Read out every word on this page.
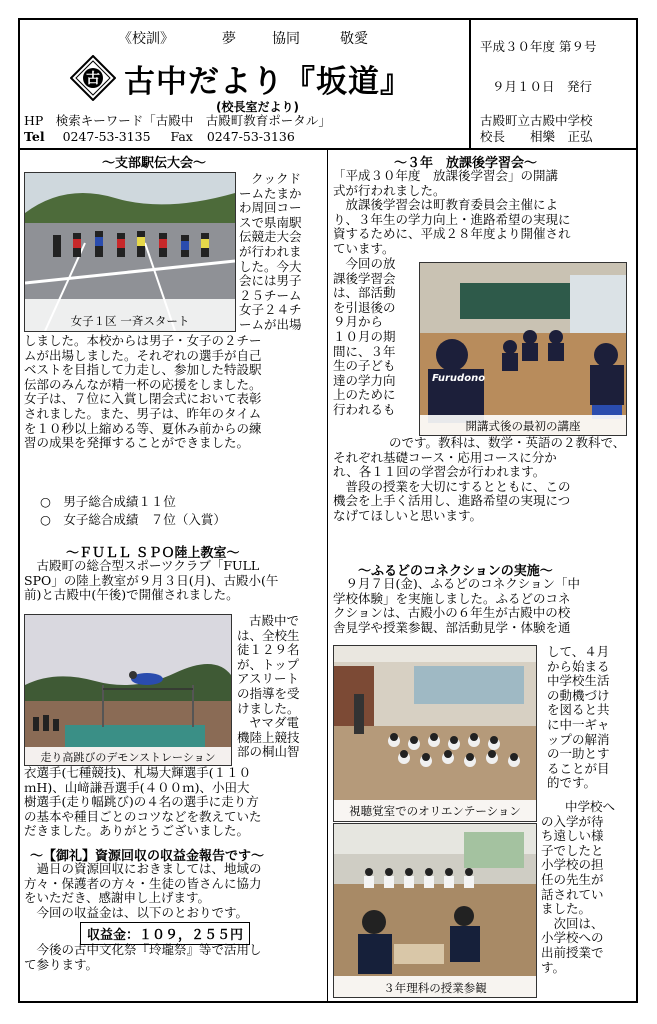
《校訓》	夢	協同	敬愛
古 古中だより『坂道』
(校長室だより)
HP　検索キーワード「古殿中　古殿町教育ポータル」
Tel 0247-53-3135 Fax 0247-53-3136
平成３０年度 第９号
９月１０日　発行
古殿町立古殿中学校
校長　　相樂　正弘
～支部駅伝大会～
女子１区 一斉スタート
クックド
ームたまか
わ周回コー
スで県南駅
伝競走大会
が行われま
した。今大
会には男子
２５チーム
女子２４チ
ームが出場
しました。本校からは男子・女子の２チー
ムが出場しました。それぞれの選手が自己
ベストを目指して力走し、参加した特設駅
伝部のみんなが精一杯の応援をしました。
女子は、７位に入賞し閉会式において表彰
されました。また、男子は、昨年のタイム
を１０秒以上縮める等、夏休み前からの練
習の成果を発揮することができました。
○　男子総合成績１１位
○　女子総合成績　７位（入賞）
～ＦＵＬＬ ＳＰＯ陸上教室～
　古殿町の総合型スポーツクラブ「FULL
SPO」の陸上教室が９月３日(月)、古殿小(午
前)と古殿中(午後)で開催されました。
走り高跳びのデモンストレーション
古殿中で
は、全校生
徒１２９名
が、トップ
アスリート
の指導を受
けました。
ヤマダ電
機陸上競技
部の桐山智
衣選手(七種競技)、札場大輝選手(１１０
ｍH)、山﨑謙吾選手(４００ｍ)、小田大
樹選手(走り幅跳び)の４名の選手に走り方
の基本や種目ごとのコツなどを教えていた
だきました。ありがとうございました。
～【御礼】資源回収の収益金報告です～
　過日の資源回収におきましては、地域の
方々・保護者の方々・生徒の皆さんに協力
をいただき、感謝申し上げます。
　今回の収益金は、以下のとおりです。
収益金：１０９，２５５円
　今後の古中文化祭『玲瓏祭』等で活用し
て参ります。
～３年　放課後学習会～
「平成３０年度　放課後学習会」の開講
式が行われました。
　放課後学習会は町教育委員会主催によ
り、３年生の学力向上・進路希望の実現に
資するために、平成２８年度より開催され
ています。
　今回の放
課後学習会
は、部活動
を引退後の
９月から
１０月の期
間に、３年
生の子ども
達の学力向
上のために
行われるも
Furudono
開講式後の最初の講座
のです。教科は、数学・英語の２教科で、
それぞれ基礎コース・応用コースに分か
れ、各１１回の学習会が行われます。
　普段の授業を大切にするとともに、この
機会を上手く活用し、進路希望の実現につ
なげてほしいと思います。
～ふるどのコネクションの実施～
　９月７日(金)、ふるどのコネクション「中
学校体験」を実施しました。ふるどのコネ
クションは、古殿小の６年生が古殿中の校
舎見学や授業参観、部活動見学・体験を通
視聴覚室でのオリエンテーション
して、４月
から始まる
中学校生活
の動機づけ
を図ると共
に中一ギャ
ップの解消
の一助とす
ることが目
的です。
３年理科の授業参観
中学校へ
の入学が待
ち遠しい様
子でしたと
小学校の担
任の先生が
話されてい
ました。
　次回は、
小学校への
出前授業で
す。
